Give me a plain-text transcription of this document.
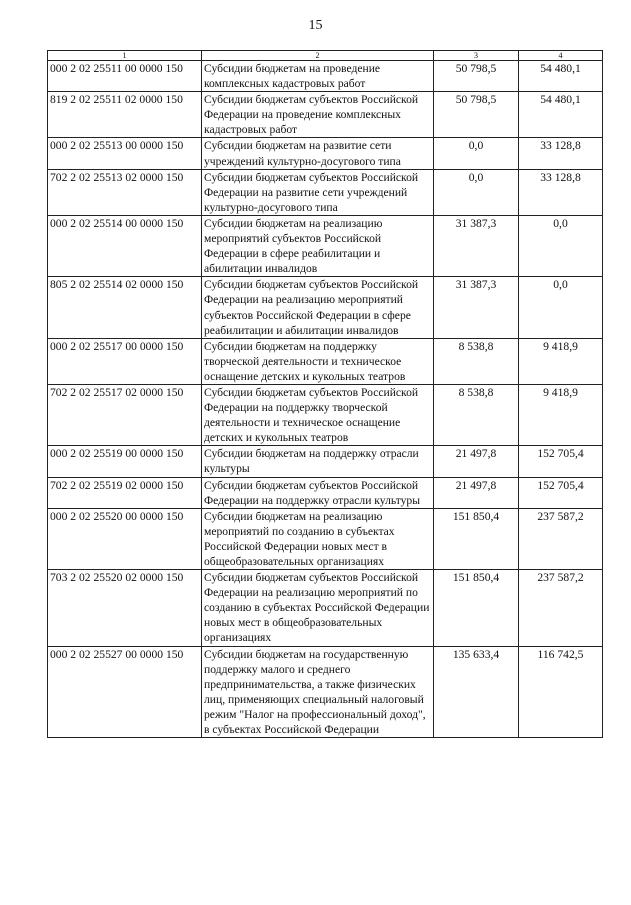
15
1	2	3	4
000 2 02 25511 00 0000 150	Субсидии бюджетам на проведение комплексных кадастровых работ	50 798,5	54 480,1
819 2 02 25511 02 0000 150	Субсидии бюджетам субъектов Российской Федерации на проведение комплексных кадастровых работ	50 798,5	54 480,1
000 2 02 25513 00 0000 150	Субсидии бюджетам на развитие сети учреждений культурно-досугового типа	0,0	33 128,8
702 2 02 25513 02 0000 150	Субсидии бюджетам субъектов Российской Федерации на развитие сети учреждений культурно-досугового типа	0,0	33 128,8
000 2 02 25514 00 0000 150	Субсидии бюджетам на реализацию мероприятий субъектов Российской Федерации в сфере реабилитации и абилитации инвалидов	31 387,3	0,0
805 2 02 25514 02 0000 150	Субсидии бюджетам субъектов Российской Федерации на реализацию мероприятий субъектов Российской Федерации в сфере реабилитации и абилитации инвалидов	31 387,3	0,0
000 2 02 25517 00 0000 150	Субсидии бюджетам на поддержку творческой деятельности и техническое оснащение детских и кукольных театров	8 538,8	9 418,9
702 2 02 25517 02 0000 150	Субсидии бюджетам субъектов Российской Федерации на поддержку творческой деятельности и техническое оснащение детских и кукольных театров	8 538,8	9 418,9
000 2 02 25519 00 0000 150	Субсидии бюджетам на поддержку отрасли культуры	21 497,8	152 705,4
702 2 02 25519 02 0000 150	Субсидии бюджетам субъектов Российской Федерации на поддержку отрасли культуры	21 497,8	152 705,4
000 2 02 25520 00 0000 150	Субсидии бюджетам на реализацию мероприятий по созданию в субъектах Российской Федерации новых мест в общеобразовательных организациях	151 850,4	237 587,2
703 2 02 25520 02 0000 150	Субсидии бюджетам субъектов Российской Федерации на реализацию мероприятий по созданию в субъектах Российской Федерации новых мест в общеобразовательных организациях	151 850,4	237 587,2
000 2 02 25527 00 0000 150	Субсидии бюджетам на государственную поддержку малого и среднего предпринимательства, а также физических лиц, применяющих специальный налоговый режим "Налог на профессиональный доход", в субъектах Российской Федерации	135 633,4	116 742,5
